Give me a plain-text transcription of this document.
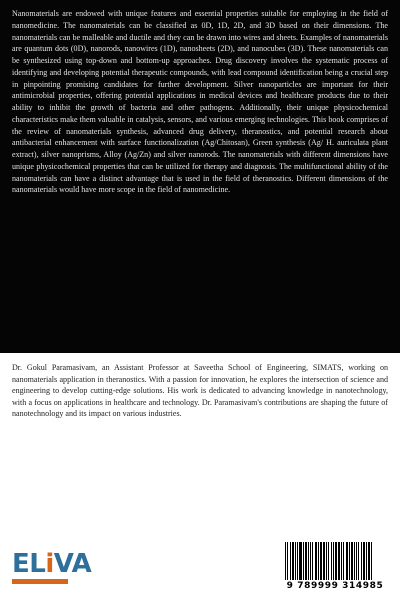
Nanomaterials are endowed with unique features and essential properties suitable for employing in the field of nanomedicine. The nanomaterials can be classified as 0D, 1D, 2D, and 3D based on their dimensions. The nanomaterials can be malleable and ductile and they can be drawn into wires and sheets. Examples of nanomaterials are quantum dots (0D), nanorods, nanowires (1D), nanosheets (2D), and nanocubes (3D). These nanomaterials can be synthesized using top-down and bottom-up approaches. Drug discovery involves the systematic process of identifying and developing potential therapeutic compounds, with lead compound identification being a crucial step in pinpointing promising candidates for further development. Silver nanoparticles are important for their antimicrobial properties, offering potential applications in medical devices and healthcare products due to their ability to inhibit the growth of bacteria and other pathogens. Additionally, their unique physicochemical characteristics make them valuable in catalysis, sensors, and various emerging technologies. This book comprises of the review of nanomaterials synthesis, advanced drug delivery, theranostics, and potential research about antibacterial enhancement with surface functionalization (Ag/Chitosan), Green synthesis (Ag/ H. auriculata plant extract), silver nanoprisms, Alloy (Ag/Zn) and silver nanorods. The nanomaterials with different dimensions have unique physicochemical properties that can be utilized for therapy and diagnosis. The multifunctional ability of the nanomaterials can have a distinct advantage that is used in the field of theranostics. Different dimensions of the nanomaterials would have more scope in the field of nanomedicine.

Dr. Gokul Paramasivam, an Assistant Professor at Saveetha School of Engineering, SIMATS, working on nanomaterials application in theranostics. With a passion for innovation, he explores the intersection of science and engineering to develop cutting-edge solutions. His work is dedicated to advancing knowledge in nanotechnology, with a focus on applications in healthcare and technology. Dr. Paramasivam's contributions are shaping the future of nanotechnology and its impact on various industries.

ELiVA
9 789999 314985
